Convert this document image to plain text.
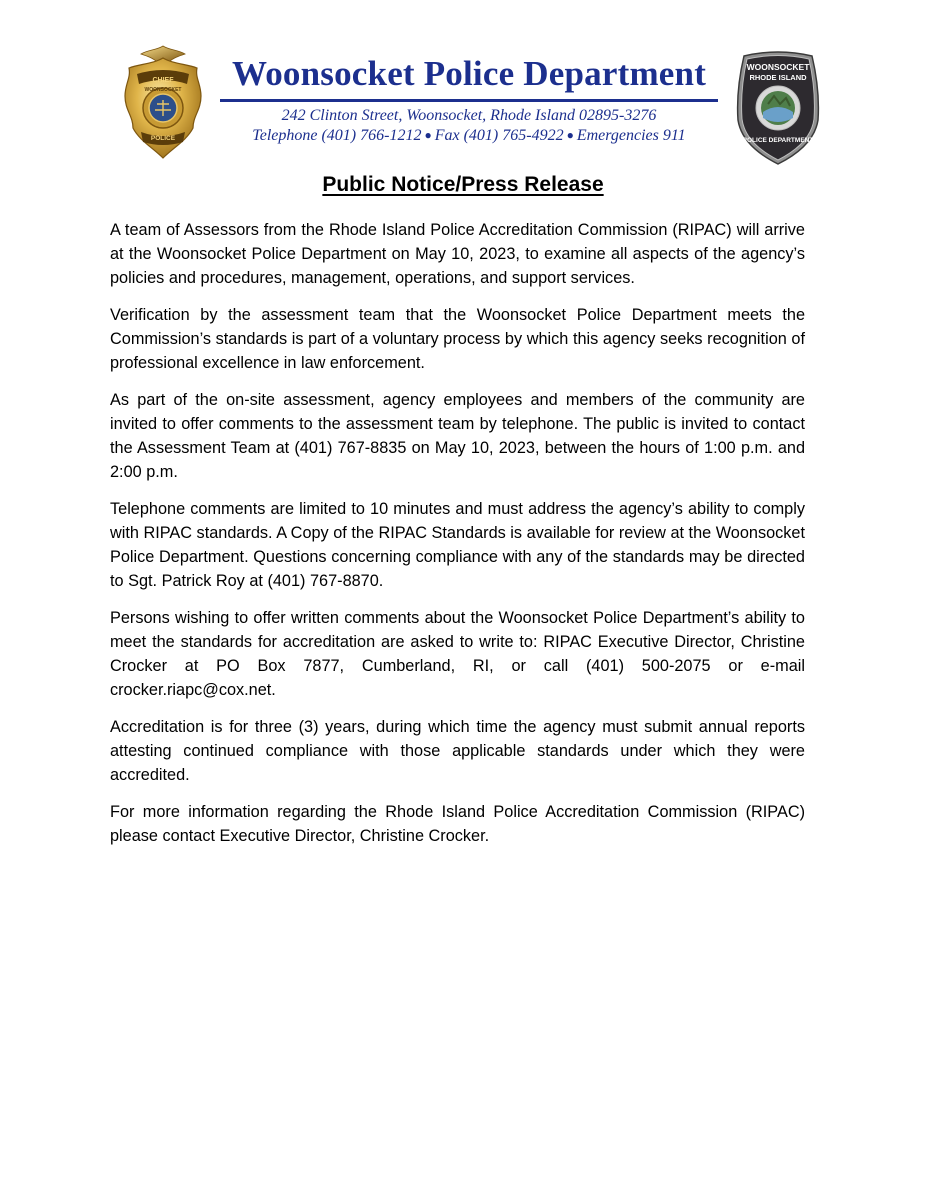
CHIEF
WOONSOCKET
POLICE
Woonsocket Police Department
242 Clinton Street, Woonsocket, Rhode Island 02895-3276
Telephone (401) 766-1212 ● Fax (401) 765-4922 ● Emergencies 911
WOONSOCKET
RHODE ISLAND
POLICE DEPARTMENT
Public Notice/Press Release

A team of Assessors from the Rhode Island Police Accreditation Commission (RIPAC) will arrive at the Woonsocket Police Department on May 10, 2023, to examine all aspects of the agency’s policies and procedures, management, operations, and support services.

Verification by the assessment team that the Woonsocket Police Department meets the Commission’s standards is part of a voluntary process by which this agency seeks recognition of professional excellence in law enforcement.

As part of the on-site assessment, agency employees and members of the community are invited to offer comments to the assessment team by telephone. The public is invited to contact the Assessment Team at (401) 767-8835 on May 10, 2023, between the hours of 1:00 p.m. and 2:00 p.m.

Telephone comments are limited to 10 minutes and must address the agency’s ability to comply with RIPAC standards. A Copy of the RIPAC Standards is available for review at the Woonsocket Police Department. Questions concerning compliance with any of the standards may be directed to Sgt. Patrick Roy at (401) 767-8870.

Persons wishing to offer written comments about the Woonsocket Police Department’s ability to meet the standards for accreditation are asked to write to: RIPAC Executive Director, Christine Crocker at PO Box 7877, Cumberland, RI, or call (401) 500-2075 or e-mail crocker.riapc@cox.net.

Accreditation is for three (3) years, during which time the agency must submit annual reports attesting continued compliance with those applicable standards under which they were accredited.

For more information regarding the Rhode Island Police Accreditation Commission (RIPAC) please contact Executive Director, Christine Crocker.
